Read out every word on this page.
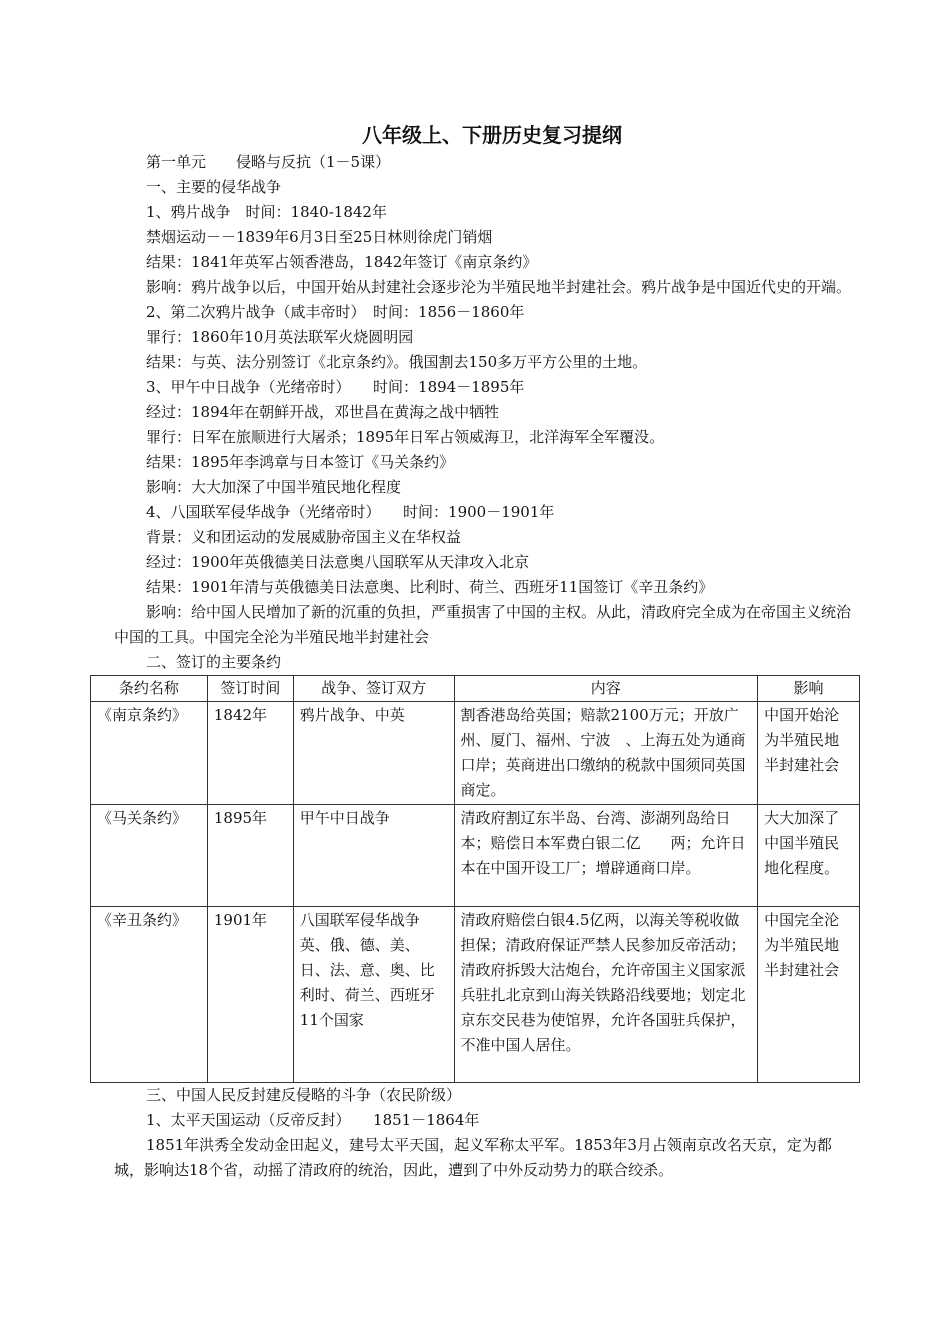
八年级上、下册历史复习提纲

第一单元　　侵略与反抗（1－5课）

一、主要的侵华战争

1、鸦片战争　时间：1840-1842年

禁烟运动－－1839年6月3日至25日林则徐虎门销烟

结果：1841年英军占领香港岛，1842年签订《南京条约》

影响：鸦片战争以后，中国开始从封建社会逐步沦为半殖民地半封建社会。鸦片战争是中国近代史的开端。

2、第二次鸦片战争（咸丰帝时）　时间：1856－1860年

罪行：1860年10月英法联军火烧圆明园

结果：与英、法分别签订《北京条约》。俄国割去150多万平方公里的土地。

3、甲午中日战争（光绪帝时）　　时间：1894－1895年

经过：1894年在朝鲜开战，邓世昌在黄海之战中牺牲

罪行：日军在旅顺进行大屠杀；1895年日军占领威海卫，北洋海军全军覆没。

结果：1895年李鸿章与日本签订《马关条约》

影响：大大加深了中国半殖民地化程度

4、八国联军侵华战争（光绪帝时）　　时间：1900－1901年

背景：义和团运动的发展威胁帝国主义在华权益

经过：1900年英俄德美日法意奥八国联军从天津攻入北京

结果：1901年清与英俄德美日法意奥、比利时、荷兰、西班牙11国签订《辛丑条约》

影响：给中国人民增加了新的沉重的负担，严重损害了中国的主权。从此，清政府完全成为在帝国主义统治中国的工具。中国完全沦为半殖民地半封建社会

二、签订的主要条约

条约名称	签订时间	战争、签订双方	内容	影响
《南京条约》	1842年	鸦片战争、中英	割香港岛给英国；赔款2100万元；开放广州、厦门、福州、宁波　、上海五处为通商口岸；英商进出口缴纳的税款中国须同英国商定。	中国开始沦为半殖民地半封建社会
《马关条约》	1895年	甲午中日战争	清政府割辽东半岛、台湾、澎湖列岛给日本；赔偿日本军费白银二亿　　两；允许日本在中国开设工厂；增辟通商口岸。	大大加深了中国半殖民地化程度。
《辛丑条约》	1901年	八国联军侵华战争英、俄、德、美、日、法、意、奥、比利时、荷兰、西班牙11个国家	清政府赔偿白银4.5亿两，以海关等税收做担保；清政府保证严禁人民参加反帝活动；清政府拆毁大沽炮台，允许帝国主义国家派兵驻扎北京到山海关铁路沿线要地；划定北京东交民巷为使馆界，允许各国驻兵保护，不准中国人居住。	中国完全沦为半殖民地半封建社会

三、中国人民反封建反侵略的斗争（农民阶级）

1、太平天国运动（反帝反封）　　1851－1864年

1851年洪秀全发动金田起义，建号太平天国，起义军称太平军。1853年3月占领南京改名天京，定为都城，影响达18个省，动摇了清政府的统治，因此，遭到了中外反动势力的联合绞杀。
